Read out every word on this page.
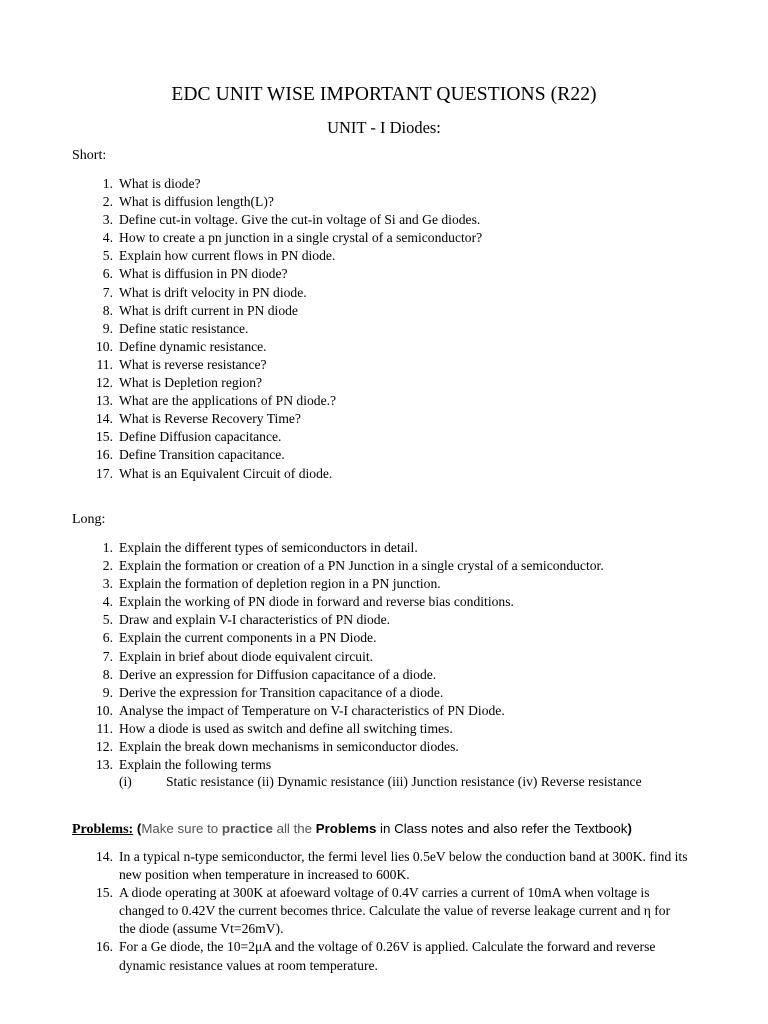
EDC UNIT WISE IMPORTANT QUESTIONS (R22)
UNIT - I Diodes:
Short:
1. What is diode?
2. What is diffusion length(L)?
3. Define cut-in voltage. Give the cut-in voltage of Si and Ge diodes.
4. How to create a pn junction in a single crystal of a semiconductor?
5. Explain how current flows in PN diode.
6. What is diffusion in PN diode?
7. What is drift velocity in PN diode.
8. What is drift current in PN diode
9. Define static resistance.
10. Define dynamic resistance.
11. What is reverse resistance?
12. What is Depletion region?
13. What are the applications of PN diode.?
14. What is Reverse Recovery Time?
15. Define Diffusion capacitance.
16. Define Transition capacitance.
17. What is an Equivalent Circuit of diode.
Long:
1. Explain the different types of semiconductors in detail.
2. Explain the formation or creation of a PN Junction in a single crystal of a semiconductor.
3. Explain the formation of depletion region in a PN junction.
4. Explain the working of PN diode in forward and reverse bias conditions.
5. Draw and explain V-I characteristics of PN diode.
6. Explain the current components in a PN Diode.
7. Explain in brief about diode equivalent circuit.
8. Derive an expression for Diffusion capacitance of a diode.
9. Derive the expression for Transition capacitance of a diode.
10. Analyse the impact of Temperature on V-I characteristics of PN Diode.
11. How a diode is used as switch and define all switching times.
12. Explain the break down mechanisms in semiconductor diodes.
13. Explain the following terms
(i)	Static resistance (ii) Dynamic resistance (iii) Junction resistance (iv) Reverse resistance
Problems: (Make sure to practice all the Problems in Class notes and also refer the Textbook)
14. In a typical n-type semiconductor, the fermi level lies 0.5eV below the conduction band at 300K. find its new position when temperature in increased to 600K.
15. A diode operating at 300K at afoeward voltage of 0.4V carries a current of 10mA when voltage is changed to 0.42V the current becomes thrice. Calculate the value of reverse leakage current and η for the diode (assume Vt=26mV).
16. For a Ge diode, the 10=2μA and the voltage of 0.26V is applied. Calculate the forward and reverse dynamic resistance values at room temperature.
